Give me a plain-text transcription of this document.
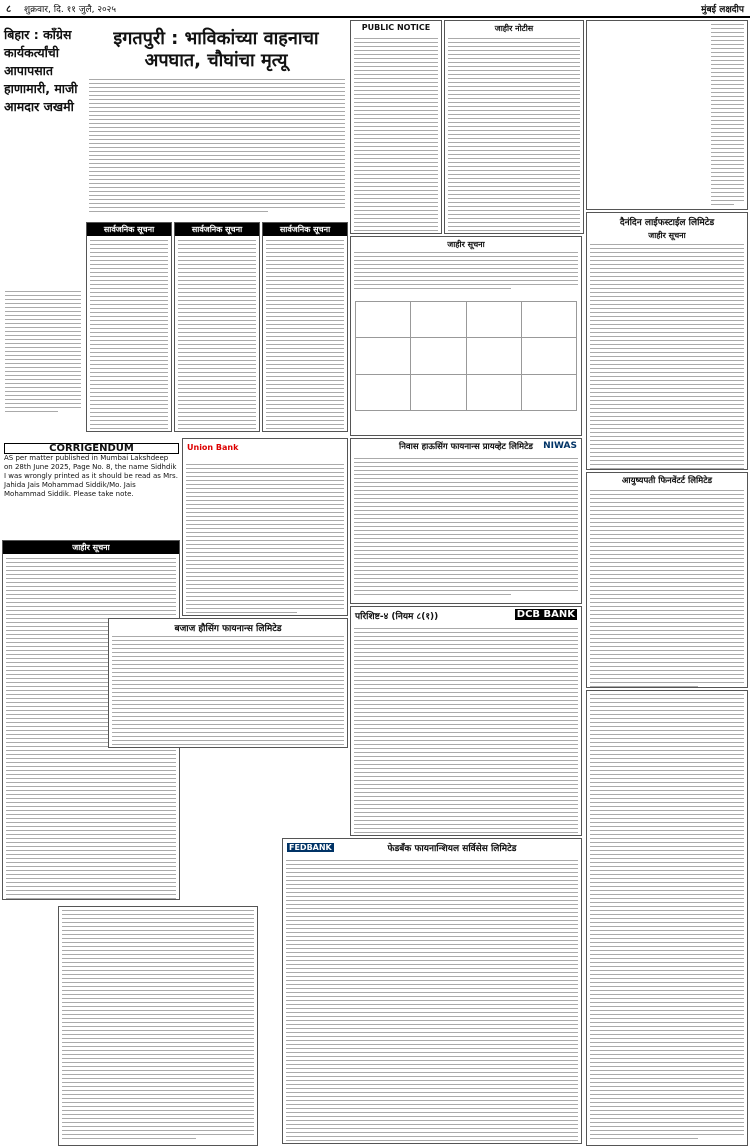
८ शुक्रवार, दि. ११ जुलै, २०२५	मुंबई लक्षदीप
बिहार : काँग्रेस कार्यकर्त्यांची आपापसात हाणामारी, माजी आमदार जखमी
इगतपुरी : भाविकांच्या वाहनाचा अपघात, चौघांचा मृत्यू
PUBLIC NOTICE	जाहीर नोटीस
दैनंदिन लाईफस्टाईल लिमिटेड
जाहीर सूचना
सार्वजनिक सूचना	सार्वजनिक सूचना	सार्वजनिक सूचना
जाहीर सूचना

CORRIGENDUM
AS per matter published in Mumbai Lakshdeep on 28th June 2025, Page No. 8, the name Sidhdik I was wrongly printed as it should be read as Mrs. Jahida Jais Mohammad Siddik/Mo. Jais Mohammad Siddik. Please take note.
जाहीर सूचना
Union Bank	निवास हाऊसिंग फायनान्स प्रायव्हेट लिमिटेड	NIWAS
बजाज हौसिंग फायनान्स लिमिटेड
परिशिष्ट-४ (नियम ८(१))	DCB BANK
आयुष्यपती फिनवेंटर्ट लिमिटेड
FEDBANK	फेडबँक फायनान्शियल सर्विसेस लिमिटेड
